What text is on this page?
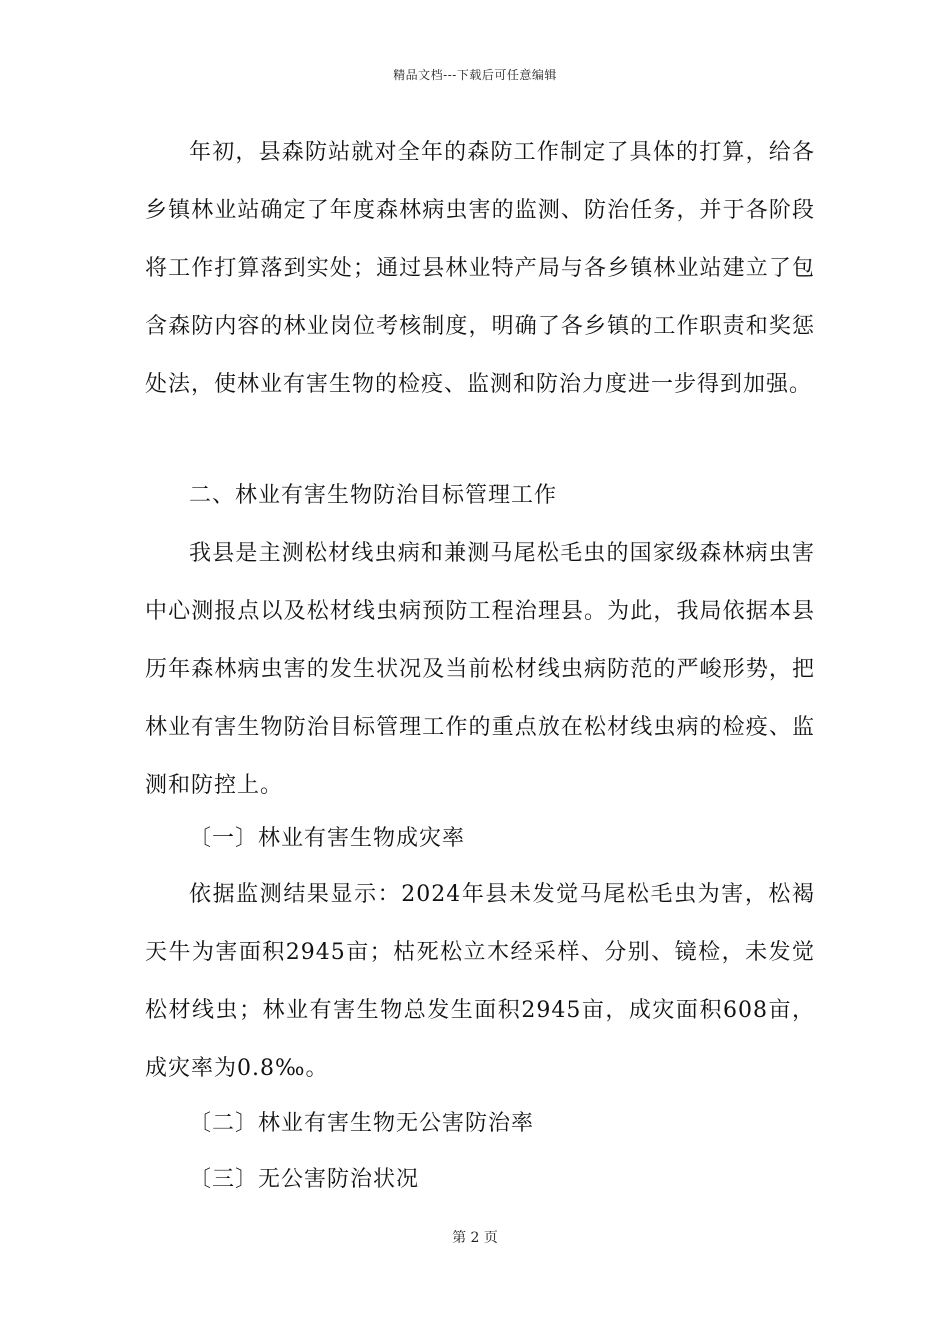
精品文档---下载后可任意编辑

年初，县森防站就对全年的森防工作制定了具体的打算，给各乡镇林业站确定了年度森林病虫害的监测、防治任务，并于各阶段将工作打算落到实处；通过县林业特产局与各乡镇林业站建立了包含森防内容的林业岗位考核制度，明确了各乡镇的工作职责和奖惩处法，使林业有害生物的检疫、监测和防治力度进一步得到加强。

二、林业有害生物防治目标管理工作

我县是主测松材线虫病和兼测马尾松毛虫的国家级森林病虫害中心测报点以及松材线虫病预防工程治理县。为此，我局依据本县历年森林病虫害的发生状况及当前松材线虫病防范的严峻形势，把林业有害生物防治目标管理工作的重点放在松材线虫病的检疫、监测和防控上。

〔一〕林业有害生物成灾率

依据监测结果显示：2024年县未发觉马尾松毛虫为害，松褐天牛为害面积2945亩；枯死松立木经采样、分别、镜检，未发觉松材线虫；林业有害生物总发生面积2945亩，成灾面积608亩，成灾率为0.8‰。

〔二〕林业有害生物无公害防治率
〔三〕无公害防治状况
第 2 页
